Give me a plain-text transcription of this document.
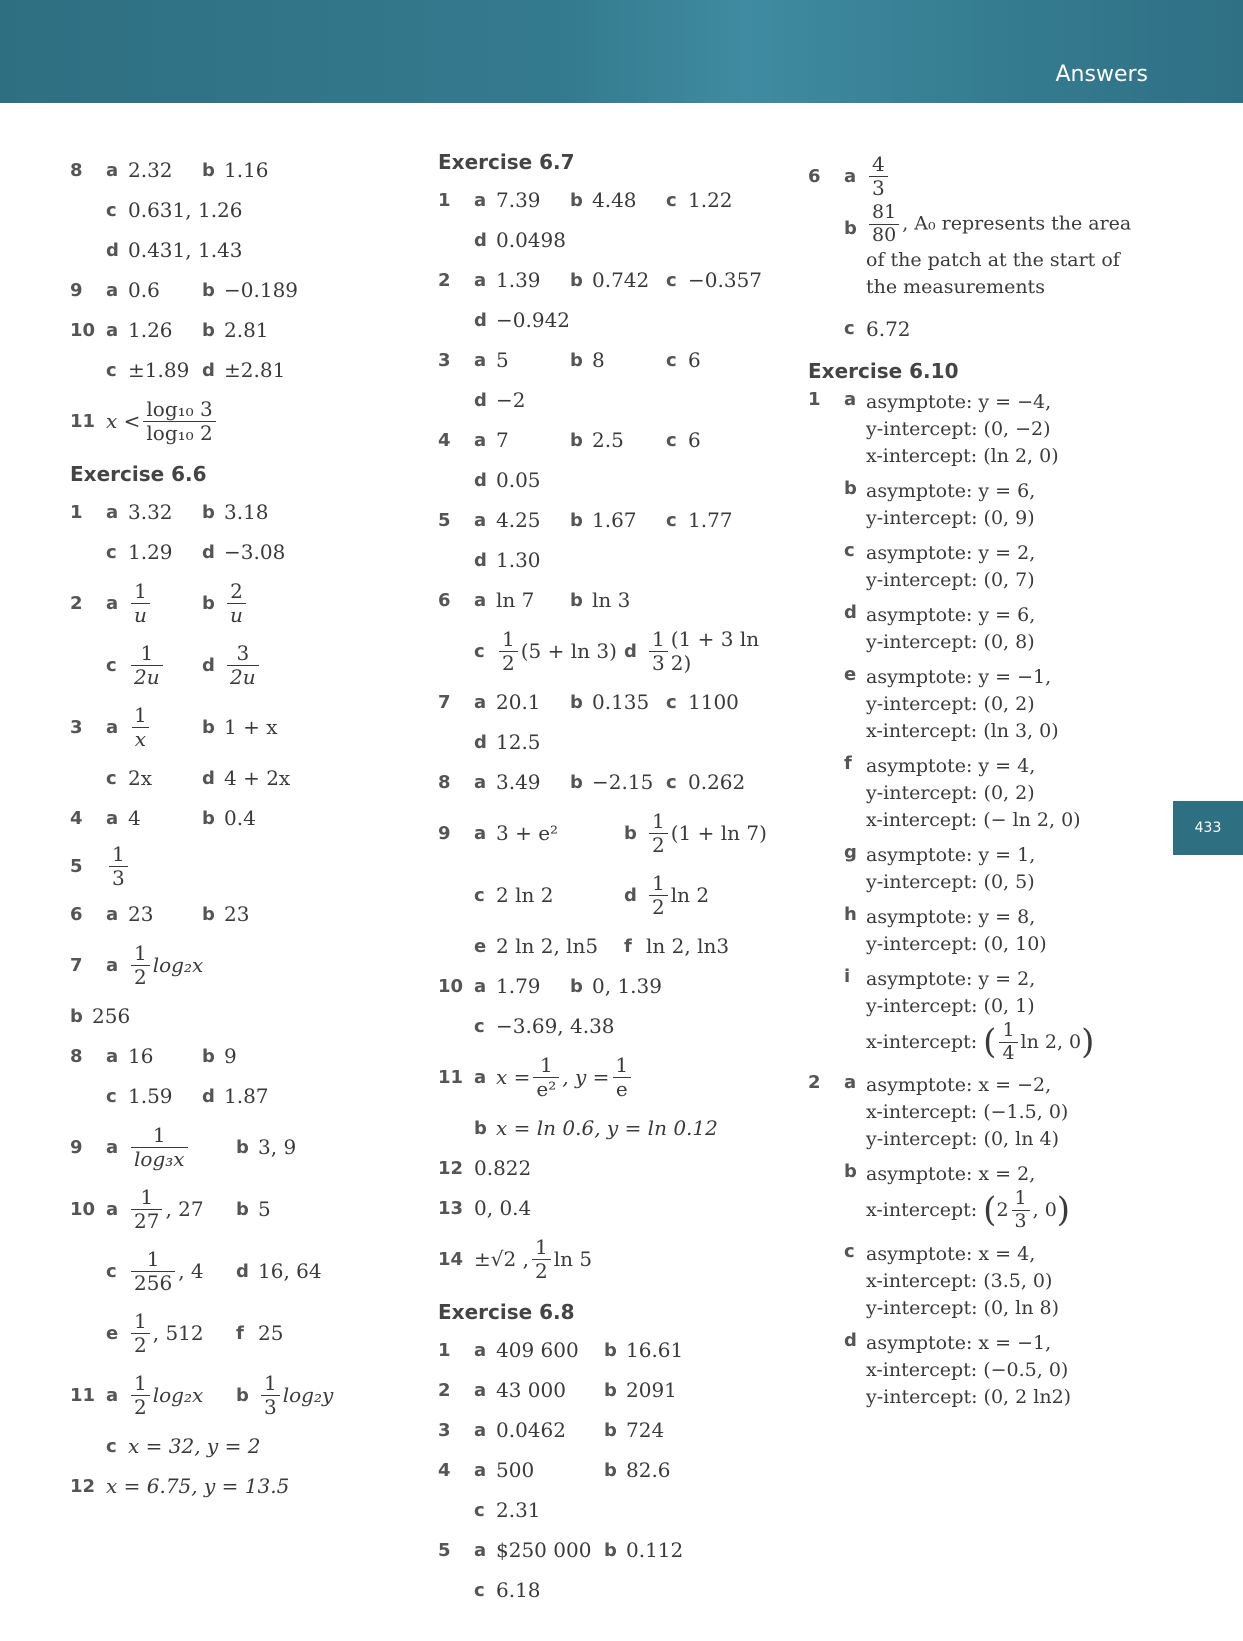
Answers
433
8	a 2.32 b 1.16
c 0.631, 1.26
d 0.431, 1.43
9	a 0.6 b −0.189
10 a 1.26 b 2.81
c ±1.89 d ±2.81
11 $x < \frac{\text{log₁₀ 3}}{\text{log₁₀ 2}}$
Exercise 6.6
1	a 3.32 b 3.18
c 1.29 d −3.08
2	a $\frac{1}{u}$	b $\frac{2}{u}$
c $\frac{1}{2u}$ d $\frac{3}{2u}$
3	a $\frac{1}{x}$	b 1 + x
c 2x	d 4 + 2x
4	a 4	b 0.4
5	$\frac{1}{3}$
6	a 23	b 23
7	a $\frac{1}{2} \log_2x$
b 256
8	a 16	b 9
c 1.59 d 1.87
9	a $\frac{1}{\text{log₃x}}$	b 3, 9
10 a $\frac{1}{27}$ , 27 b 5
c $\frac{1}{256}$ , 4 d 16, 64
e $\frac{1}{2}$ , 512 f 25
11 a $\frac{1}{2} \log_2x$ b $\frac{1}{3} \log_2y$
c x = 32, y = 2
12 x = 6.75, y = 13.5
Exercise 6.7
1	a 7.39 b 4.48 c 1.22
d 0.0498
2	a 1.39 b 0.742 c −0.357
d −0.942
3	a 5	b 8	c 6
d −2
4	a 7	b 2.5 c 6
d 0.05
5	a 4.25 b 1.67 c 1.77
d 1.30
6	a ln 7 b ln 3
c $\frac{1}{2} (5 + \ln 3)$ d $\frac{1}{3} (1 + 3$ ln 2)
7	a 20.1 b 0.135 c 1100
d 12.5
8	a 3.49 b −2.15 c 0.262
9	a 3 + e²	b $\frac{1}{2} (1 + \ln 7)$
c 2 ln 2	d $\frac{1}{2}$ ln 2
e 2 ln 2, ln5 f ln 2, ln3
10 a 1.79 b 0, 1.39
c −3.69, 4.38
11 a $x = \frac{1}{\text{e²}}$ , $y = \frac{1}{e}$
b x = ln 0.6, y = ln 0.12
12 0.822
13 0, 0.4
14 ±√2 , $\frac{1}{2}$ ln 5
Exercise 6.8
1	a 409 600 b 16.61
2	a 43 000 b 2091
3	a 0.0462 b 724
4	a 500	b 82.6
c 2.31
5	a $250 000 b 0.112
c 6.18
6	a $\frac{4}{3}$
b $\frac{81}{80}$ , A₀ represents the area of the patch at the start of the measurements
c 6.72
Exercise 6.10
1	a asymptote: y = −4,
y-intercept: (0, −2)
x-intercept: (ln 2, 0)
b asymptote: y = 6,
y-intercept: (0, 9)
c asymptote: y = 2,
y-intercept: (0, 7)
d asymptote: y = 6,
y-intercept: (0, 8)
e asymptote: y = −1,
y-intercept: (0, 2)
x-intercept: (ln 3, 0)
f asymptote: y = 4,
y-intercept: (0, 2)
x-intercept: (− ln 2, 0)
g asymptote: y = 1,
y-intercept: (0, 5)
h asymptote: y = 8,
y-intercept: (0, 10)
i asymptote: y = 2,
y-intercept: (0, 1)
x-intercept: ( $\frac{1}{4}$ ln 2, 0 )
2	a asymptote: x = −2,
x-intercept: (−1.5, 0)
y-intercept: (0, ln 4)
b asymptote: x = 2,
x-intercept: ( $2 \frac{1}{3}$ , 0 )
c asymptote: x = 4,
x-intercept: (3.5, 0)
y-intercept: (0, ln 8)
d asymptote: x = −1,
x-intercept: (−0.5, 0)
y-intercept: (0, 2 ln2)
